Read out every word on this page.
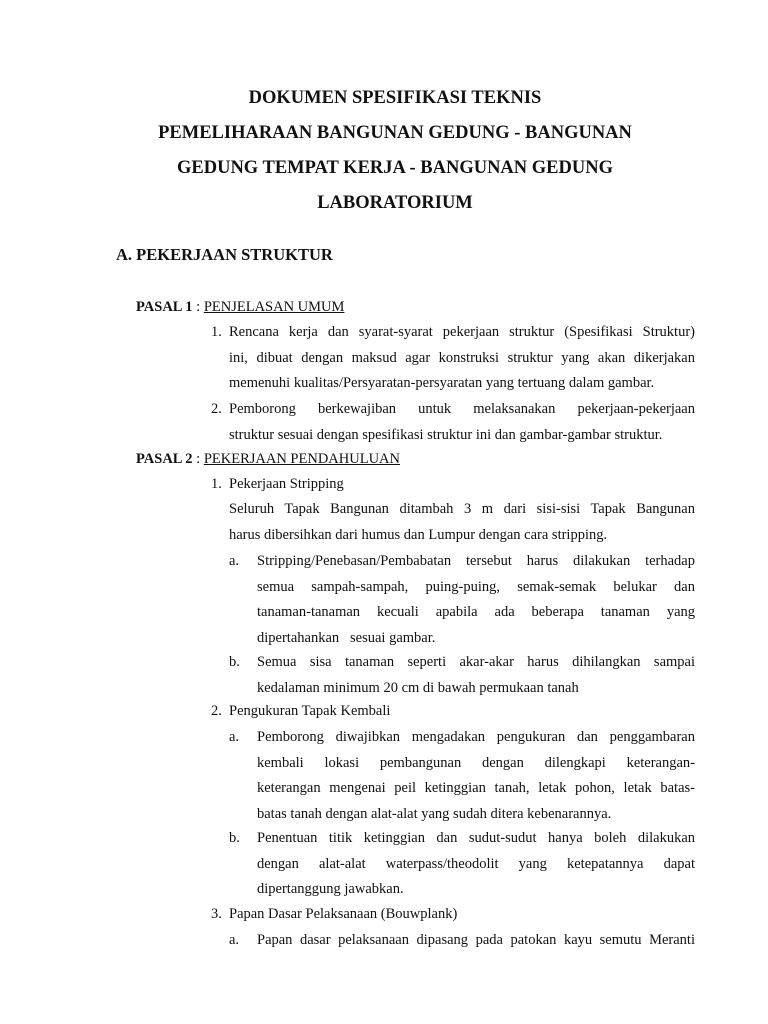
DOKUMEN SPESIFIKASI TEKNIS
PEMELIHARAAN BANGUNAN GEDUNG - BANGUNAN
GEDUNG TEMPAT KERJA - BANGUNAN GEDUNG
LABORATORIUM
A. PEKERJAAN STRUKTUR
PASAL 1 : PENJELASAN UMUM
1. Rencana kerja dan syarat-syarat pekerjaan struktur (Spesifikasi Struktur)
ini, dibuat dengan maksud agar konstruksi struktur yang akan dikerjakan
memenuhi kualitas/Persyaratan-persyaratan yang tertuang dalam gambar.
2. Pemborong berkewajiban untuk melaksanakan pekerjaan-pekerjaan
struktur sesuai dengan spesifikasi struktur ini dan gambar-gambar struktur.
PASAL 2 : PEKERJAAN PENDAHULUAN
1. Pekerjaan Stripping
Seluruh Tapak Bangunan ditambah 3 m dari sisi-sisi Tapak Bangunan
harus dibersihkan dari humus dan Lumpur dengan cara stripping.
a. Stripping/Penebasan/Pembabatan tersebut harus dilakukan terhadap
semua sampah-sampah, puing-puing, semak-semak belukar dan
tanaman-tanaman kecuali apabila ada beberapa tanaman yang
dipertahankan   sesuai gambar.
b. Semua sisa tanaman seperti akar-akar harus dihilangkan sampai
kedalaman minimum 20 cm di bawah permukaan tanah
2. Pengukuran Tapak Kembali
a. Pemborong diwajibkan mengadakan pengukuran dan penggambaran
kembali lokasi pembangunan dengan dilengkapi keterangan-
keterangan mengenai peil ketinggian tanah, letak pohon, letak batas-
batas tanah dengan alat-alat yang sudah ditera kebenarannya.
b. Penentuan titik ketinggian dan sudut-sudut hanya boleh dilakukan
dengan alat-alat waterpass/theodolit yang ketepatannya dapat
dipertanggung jawabkan.
3. Papan Dasar Pelaksanaan (Bouwplank)
a. Papan dasar pelaksanaan dipasang pada patokan kayu semutu Meranti
